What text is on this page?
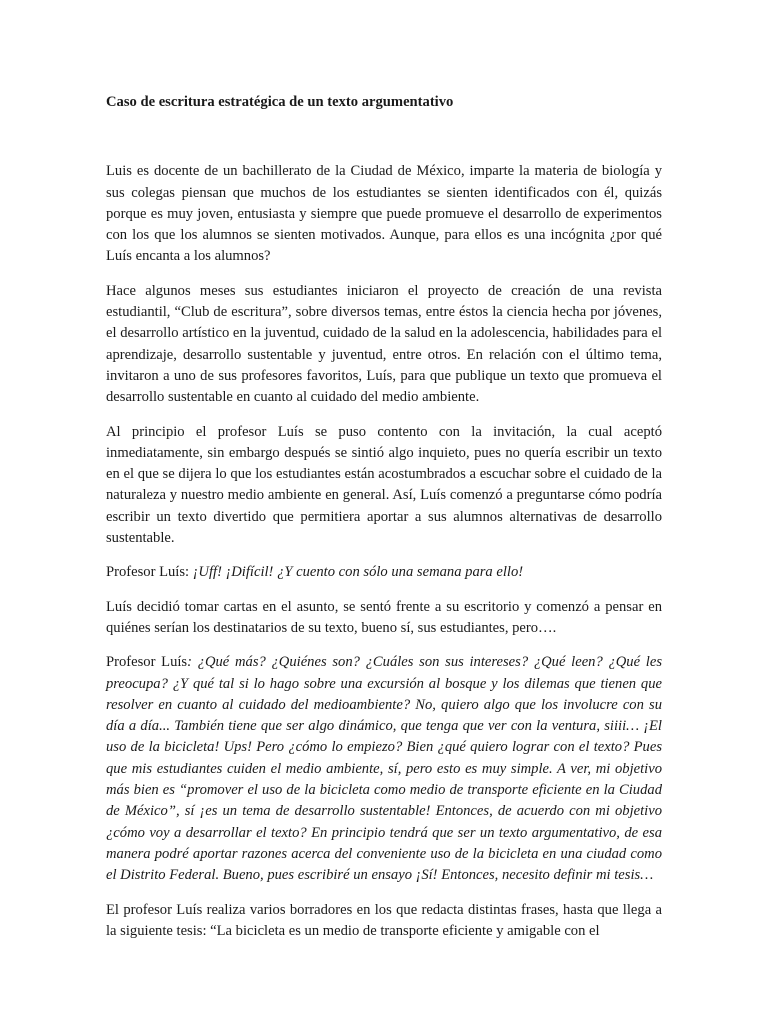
Caso de escritura estratégica de un texto argumentativo

Luis es docente de un bachillerato de la Ciudad de México, imparte la materia de biología y sus colegas piensan que muchos de los estudiantes se sienten identificados con él, quizás porque es muy joven, entusiasta y siempre que puede promueve el desarrollo de experimentos con los que los alumnos se sienten motivados. Aunque, para ellos es una incógnita ¿por qué Luís encanta a los alumnos?

Hace algunos meses sus estudiantes iniciaron el proyecto de creación de una revista estudiantil, “Club de escritura”, sobre diversos temas, entre éstos la ciencia hecha por jóvenes, el desarrollo artístico en la juventud, cuidado de la salud en la adolescencia, habilidades para el aprendizaje, desarrollo sustentable y juventud, entre otros. En relación con el último tema, invitaron a uno de sus profesores favoritos, Luís, para que publique un texto que promueva el desarrollo sustentable en cuanto al cuidado del medio ambiente.

Al principio el profesor Luís se puso contento con la invitación, la cual aceptó inmediatamente, sin embargo después se sintió algo inquieto, pues no quería escribir un texto en el que se dijera lo que los estudiantes están acostumbrados a escuchar sobre el cuidado de la naturaleza y nuestro medio ambiente en general. Así, Luís comenzó a preguntarse cómo podría escribir un texto divertido que permitiera aportar a sus alumnos alternativas de desarrollo sustentable.

Profesor Luís: ¡Uff! ¡Difícil! ¿Y cuento con sólo una semana para ello!

Luís decidió tomar cartas en el asunto, se sentó frente a su escritorio y comenzó a pensar en quiénes serían los destinatarios de su texto, bueno sí, sus estudiantes, pero….

Profesor Luís: ¿Qué más? ¿Quiénes son? ¿Cuáles son sus intereses? ¿Qué leen? ¿Qué les preocupa? ¿Y qué tal si lo hago sobre una excursión al bosque y los dilemas que tienen que resolver en cuanto al cuidado del medioambiente? No, quiero algo que los involucre con su día a día... También tiene que ser algo dinámico, que tenga que ver con la ventura, siiii… ¡El uso de la bicicleta! Ups! Pero ¿cómo lo empiezo? Bien ¿qué quiero lograr con el texto? Pues que mis estudiantes cuiden el medio ambiente, sí, pero esto es muy simple. A ver, mi objetivo más bien es “promover el uso de la bicicleta como medio de transporte eficiente en la Ciudad de México”, sí ¡es un tema de desarrollo sustentable! Entonces, de acuerdo con mi objetivo ¿cómo voy a desarrollar el texto? En principio tendrá que ser un texto argumentativo, de esa manera podré aportar razones acerca del conveniente uso de la bicicleta en una ciudad como el Distrito Federal. Bueno, pues escribiré un ensayo ¡Sí! Entonces, necesito definir mi tesis…

El profesor Luís realiza varios borradores en los que redacta distintas frases, hasta que llega a la siguiente tesis: “La bicicleta es un medio de transporte eficiente y amigable con el
